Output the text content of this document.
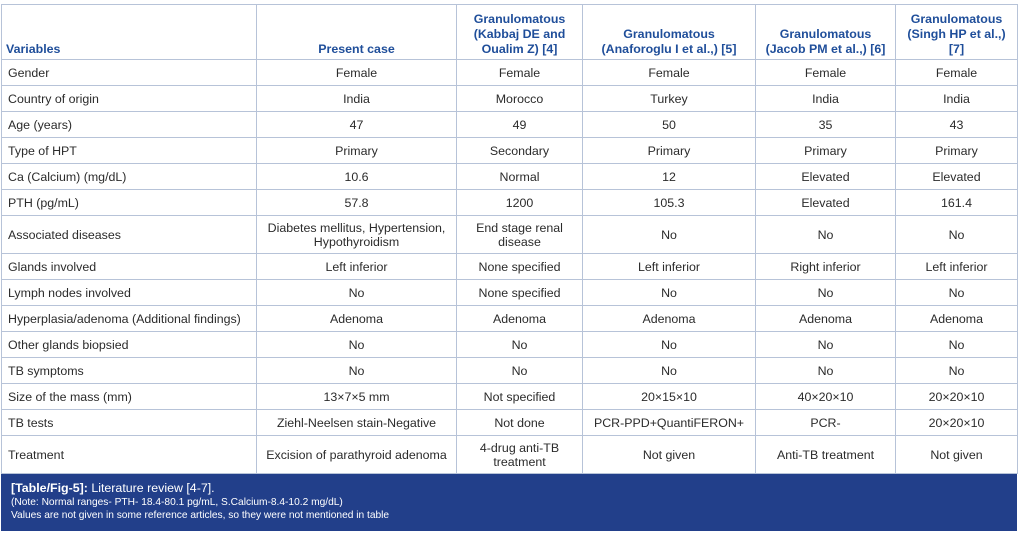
Variables	Present case	Granulomatous (Kabbaj DE and Oualim Z) [4]	Granulomatous (Anaforoglu I et al.,) [5]	Granulomatous (Jacob PM et al.,) [6]	Granulomatous (Singh HP et al.,) [7]
Gender	Female	Female	Female	Female	Female
Country of origin	India	Morocco	Turkey	India	India
Age (years)	47	49	50	35	43
Type of HPT	Primary	Secondary	Primary	Primary	Primary
Ca (Calcium) (mg/dL)	10.6	Normal	12	Elevated	Elevated
PTH (pg/mL)	57.8	1200	105.3	Elevated	161.4
Associated diseases	Diabetes mellitus, Hypertension, Hypothyroidism	End stage renal disease	No	No	No
Glands involved	Left inferior	None specified	Left inferior	Right inferior	Left inferior
Lymph nodes involved	No	None specified	No	No	No
Hyperplasia/adenoma (Additional findings)	Adenoma	Adenoma	Adenoma	Adenoma	Adenoma
Other glands biopsied	No	No	No	No	No
TB symptoms	No	No	No	No	No
Size of the mass (mm)	13×7×5 mm	Not specified	20×15×10	40×20×10	20×20×10
TB tests	Ziehl-Neelsen stain-Negative	Not done	PCR-PPD+QuantiFERON+	PCR-	20×20×10
Treatment	Excision of parathyroid adenoma	4-drug anti-TB treatment	Not given	Anti-TB treatment	Not given
[Table/Fig-5]: Literature review [4-7].
(Note: Normal ranges- PTH- 18.4-80.1 pg/mL, S.Calcium-8.4-10.2 mg/dL)
Values are not given in some reference articles, so they were not mentioned in table
